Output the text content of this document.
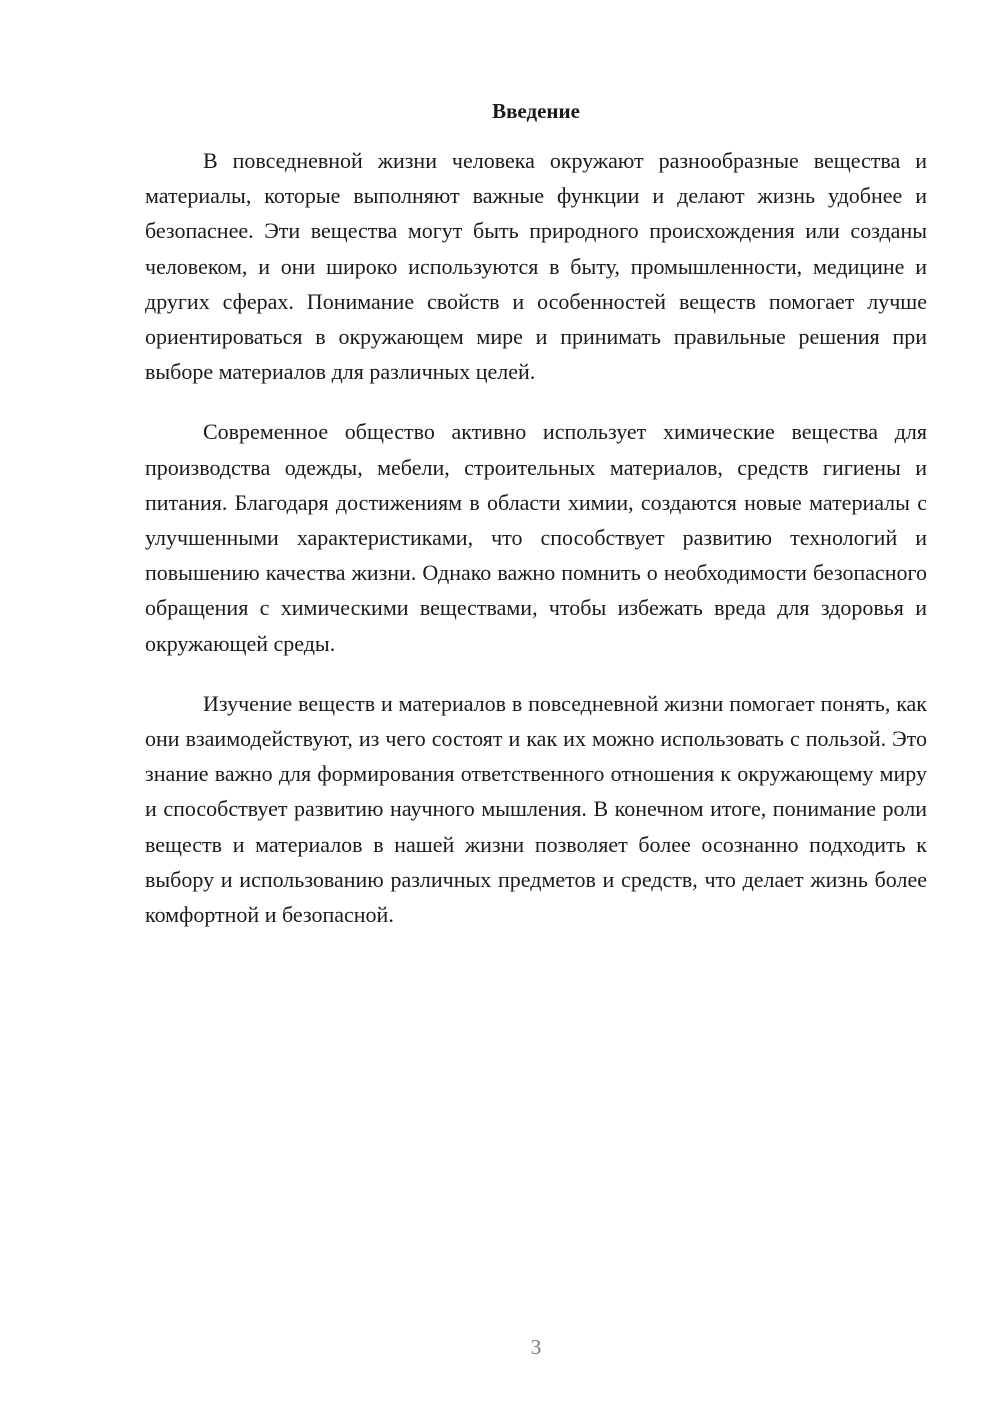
Введение

В повседневной жизни человека окружают разнообразные вещества и материалы, которые выполняют важные функции и делают жизнь удобнее и безопаснее. Эти вещества могут быть природного происхождения или созданы человеком, и они широко используются в быту, промышленности, медицине и других сферах. Понимание свойств и особенностей веществ помогает лучше ориентироваться в окружающем мире и принимать правильные решения при выборе материалов для различных целей.

Современное общество активно использует химические вещества для производства одежды, мебели, строительных материалов, средств гигиены и питания. Благодаря достижениям в области химии, создаются новые материалы с улучшенными характеристиками, что способствует развитию технологий и повышению качества жизни. Однако важно помнить о необходимости безопасного обращения с химическими веществами, чтобы избежать вреда для здоровья и окружающей среды.

Изучение веществ и материалов в повседневной жизни помогает понять, как они взаимодействуют, из чего состоят и как их можно использовать с пользой. Это знание важно для формирования ответственного отношения к окружающему миру и способствует развитию научного мышления. В конечном итоге, понимание роли веществ и материалов в нашей жизни позволяет более осознанно подходить к выбору и использованию различных предметов и средств, что делает жизнь более комфортной и безопасной.

3
